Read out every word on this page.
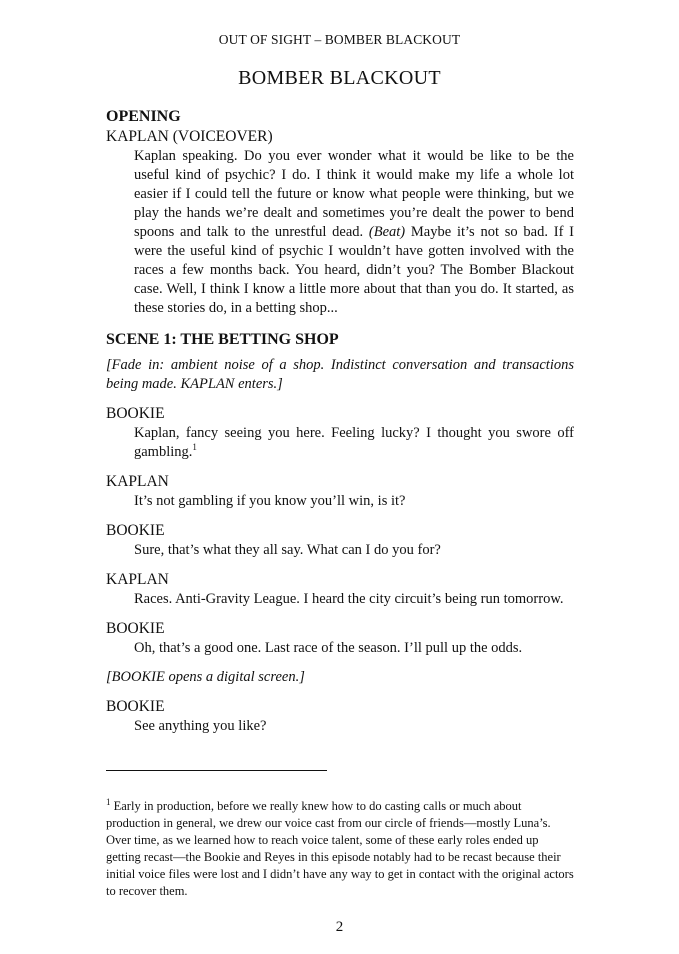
OUT OF SIGHT – BOMBER BLACKOUT
BOMBER BLACKOUT
OPENING
KAPLAN (VOICEOVER)
Kaplan speaking. Do you ever wonder what it would be like to be the useful kind of psychic? I do. I think it would make my life a whole lot easier if I could tell the future or know what people were thinking, but we play the hands we’re dealt and sometimes you’re dealt the power to bend spoons and talk to the unrestful dead. (Beat) Maybe it’s not so bad. If I were the useful kind of psychic I wouldn’t have gotten involved with the races a few months back. You heard, didn’t you? The Bomber Blackout case. Well, I think I know a little more about that than you do. It started, as these stories do, in a betting shop...
SCENE 1: THE BETTING SHOP
[Fade in: ambient noise of a shop. Indistinct conversation and transactions being made. KAPLAN enters.]
BOOKIE
Kaplan, fancy seeing you here. Feeling lucky? I thought you swore off gambling.$^1$
KAPLAN
It’s not gambling if you know you’ll win, is it?
BOOKIE
Sure, that’s what they all say. What can I do you for?
KAPLAN
Races. Anti-Gravity League. I heard the city circuit’s being run tomorrow.
BOOKIE
Oh, that’s a good one. Last race of the season. I’ll pull up the odds.
[BOOKIE opens a digital screen.]
BOOKIE
See anything you like?
$^1$ Early in production, before we really knew how to do casting calls or much about production in general, we drew our voice cast from our circle of friends—mostly Luna’s. Over time, as we learned how to reach voice talent, some of these early roles ended up getting recast—the Bookie and Reyes in this episode notably had to be recast because their initial voice files were lost and I didn’t have any way to get in contact with the original actors to recover them.
2
